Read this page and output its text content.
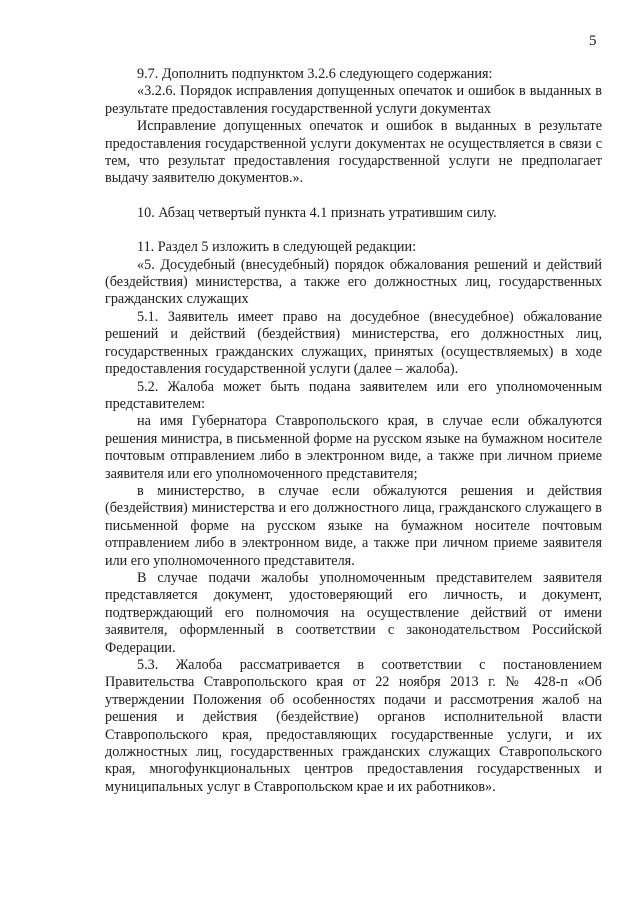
5

9.7. Дополнить подпунктом 3.2.6 следующего содержания:

«3.2.6. Порядок исправления допущенных опечаток и ошибок в выданных в результате предоставления государственной услуги документах

Исправление допущенных опечаток и ошибок в выданных в результате предоставления государственной услуги документах не осуществляется в связи с тем, что результат предоставления государственной услуги не предполагает выдачу заявителю документов.».

10. Абзац четвертый пункта 4.1 признать утратившим силу.

11. Раздел 5 изложить в следующей редакции:

«5. Досудебный (внесудебный) порядок обжалования решений и действий (бездействия) министерства, а также его должностных лиц, государственных гражданских служащих

5.1. Заявитель имеет право на досудебное (внесудебное) обжалование решений и действий (бездействия) министерства, его должностных лиц, государственных гражданских служащих, принятых (осуществляемых) в ходе предоставления государственной услуги (далее – жалоба).

5.2. Жалоба может быть подана заявителем или его уполномоченным представителем:

на имя Губернатора Ставропольского края, в случае если обжалуются решения министра, в письменной форме на русском языке на бумажном носителе почтовым отправлением либо в электронном виде, а также при личном приеме заявителя или его уполномоченного представителя;

в министерство, в случае если обжалуются решения и действия (бездействия) министерства и его должностного лица, гражданского служащего в письменной форме на русском языке на бумажном носителе почтовым отправлением либо в электронном виде, а также при личном приеме заявителя или его уполномоченного представителя.

В случае подачи жалобы уполномоченным представителем заявителя представляется документ, удостоверяющий его личность, и документ, подтверждающий его полномочия на осуществление действий от имени заявителя, оформленный в соответствии с законодательством Российской Федерации.

5.3. Жалоба рассматривается в соответствии с постановлением Правительства Ставропольского края от 22 ноября 2013 г. № 428-п «Об утверждении Положения об особенностях подачи и рассмотрения жалоб на решения и действия (бездействие) органов исполнительной власти Ставропольского края, предоставляющих государственные услуги, и их должностных лиц, государственных гражданских служащих Ставропольского края, многофункциональных центров предоставления государственных и муниципальных услуг в Ставропольском крае и их работников».
